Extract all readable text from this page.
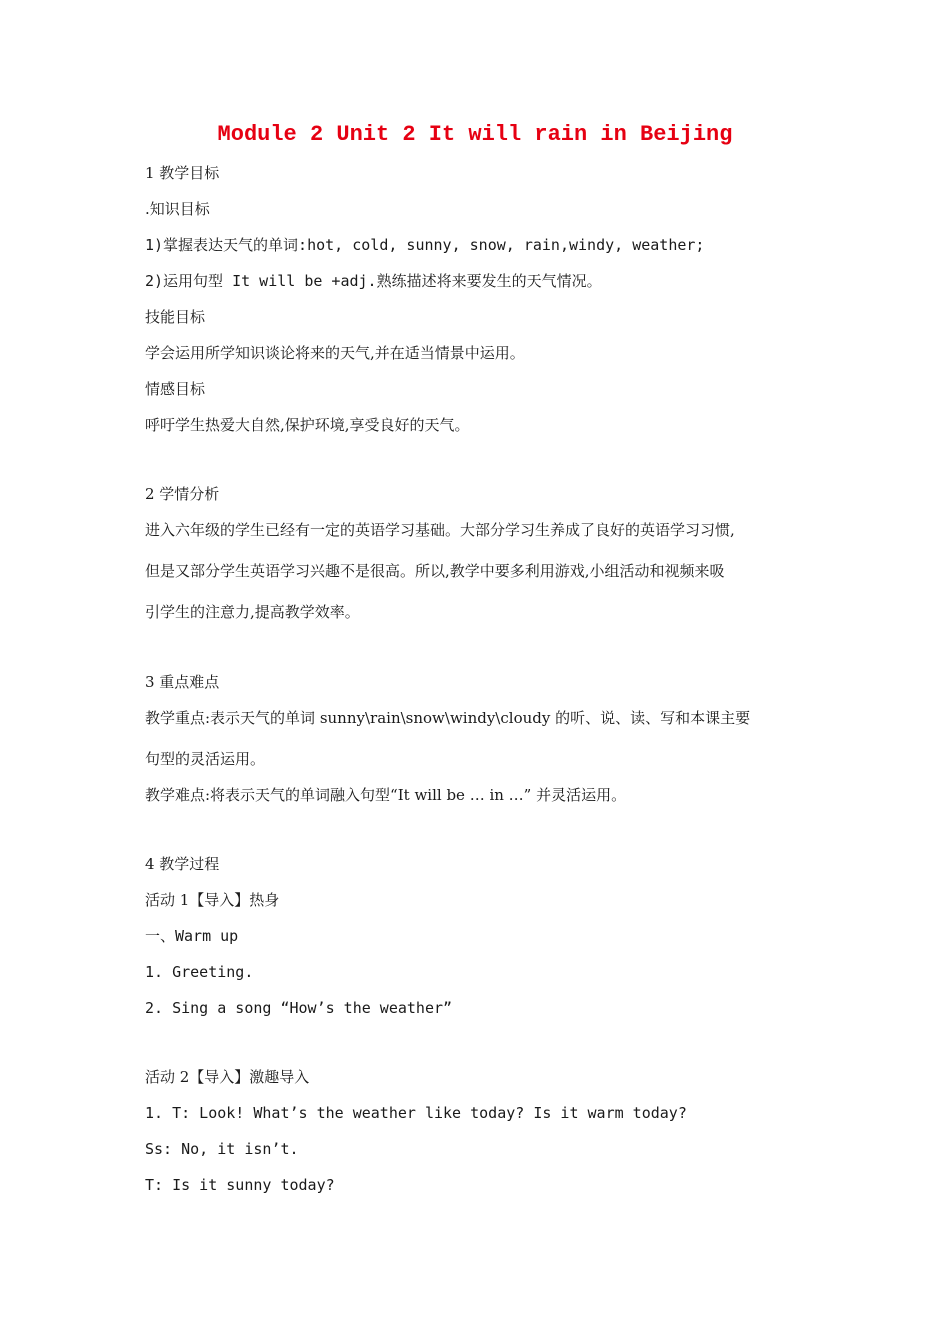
Module 2 Unit 2 It will rain in Beijing
1 教学目标
.知识目标
1)掌握表达天气的单词:hot, cold, sunny, snow, rain,windy, weather;
2)运用句型 It will be +adj.熟练描述将来要发生的天气情况。
技能目标
学会运用所学知识谈论将来的天气,并在适当情景中运用。
情感目标
呼吁学生热爱大自然,保护环境,享受良好的天气。
2 学情分析
进入六年级的学生已经有一定的英语学习基础。大部分学习生养成了良好的英语学习习惯,
但是又部分学生英语学习兴趣不是很高。所以,教学中要多利用游戏,小组活动和视频来吸
引学生的注意力,提高教学效率。
3 重点难点
教学重点:表示天气的单词 sunny\rain\snow\windy\cloudy 的听、说、读、写和本课主要
句型的灵活运用。
教学难点:将表示天气的单词融入句型“It will be … in …” 并灵活运用。
4 教学过程
活动 1【导入】热身
一、Warm up
1. Greeting.
2. Sing a song “How’s the weather”
活动 2【导入】激趣导入
1. T: Look! What’s the weather like today? Is it warm today?
Ss: No, it isn’t.
T: Is it sunny today?
